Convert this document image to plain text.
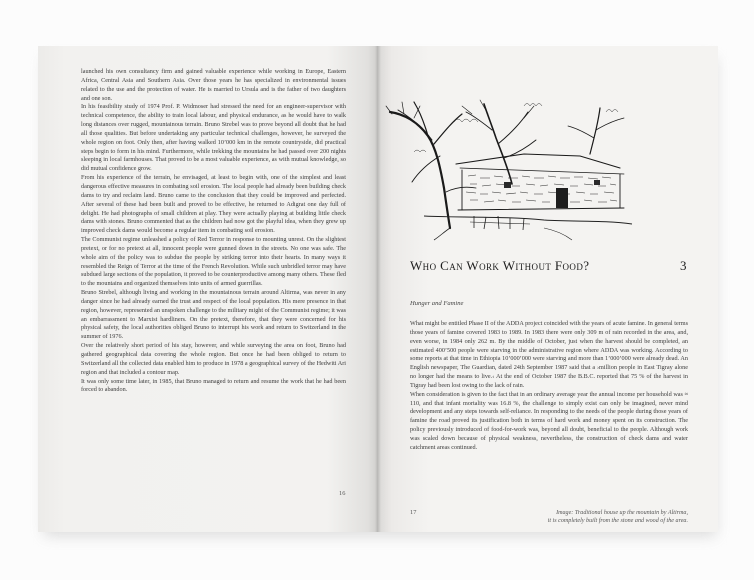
launched his own consultancy firm and gained valuable experience while working in Europe, Eastern Africa, Central Asia and Southern Asia. Over those years he has specialized in environmental issues related to the use and the protection of water. He is married to Ursula and is the father of two daughters and one son.

In his feasibility study of 1974 Prof. P. Widmoser had stressed the need for an engineer-supervisor with technical competence, the ability to train local labour, and physical endurance, as he would have to walk long distances over rugged, mountainous terrain. Bruno Strebel was to prove beyond all doubt that he had all those qualities. But before undertaking any particular technical challenges, however, he surveyed the whole region on foot. Only then, after having walked 10’000 km in the remote countryside, did practical steps begin to form in his mind. Furthermore, while trekking the mountains he had passed over 200 nights sleeping in local farmhouses. That proved to be a most valuable experience, as with mutual knowledge, so did mutual confidence grow.

From his experience of the terrain, he envisaged, at least to begin with, one of the simplest and least dangerous effective measures in combating soil erosion. The local people had already been building check dams to try and reclaim land. Bruno came to the conclusion that they could be improved and perfected. After several of these had been built and proved to be effective, he returned to Adigrat one day full of delight. He had photographs of small children at play. They were actually playing at building little check dams with stones. Bruno commented that as the children had now got the playful idea, when they grew up improved check dams would become a regular item in combating soil erosion.

The Communist regime unleashed a policy of Red Terror in response to mounting unrest. On the slightest pretext, or for no pretext at all, innocent people were gunned down in the streets. No one was safe. The whole aim of the policy was to subdue the people by striking terror into their hearts. In many ways it resembled the Reign of Terror at the time of the French Revolution. While such unbridled terror may have subdued large sections of the population, it proved to be counterproductive among many others. These fled to the mountains and organized themselves into units of armed guerrillas.

Bruno Strebel, although living and working in the mountainous terrain around Altirma, was never in any danger since he had already earned the trust and respect of the local population. His mere presence in that region, however, represented an unspoken challenge to the military might of the Communist regime; it was an embarrassment to Marxist hardliners. On the pretext, therefore, that they were concerned for his physical safety, the local authorities obliged Bruno to interrupt his work and return to Switzerland in the summer of 1976.

Over the relatively short period of his stay, however, and while surveying the area on foot, Bruno had gathered geographical data covering the whole region. But once he had been obliged to return to Switzerland all the collected data enabled him to produce in 1978 a geographical survey of the Hedwiti Ari region and that included a contour map.

It was only some time later, in 1985, that Bruno managed to return and resume the work that he had been forced to abandon.

16
Who Can Work Without Food?	3
Hunger and Famine

What might be entitled Phase II of the ADDA project coincided with the years of acute famine. In general terms those years of famine covered 1983 to 1989. In 1983 there were only 309 m of rain recorded in the area, and, even worse, in 1984 only 262 m. By the middle of October, just when the harvest should be completed, an estimated 400’500 people were starving in the administrative region where ADDA was working. According to some reports at that time in Ethiopia 10’000’000 were starving and more than 1’000’000 were already dead. An English newspaper, The Guardian, dated 24th September 1987 said that a ›million people in East Tigray alone no longer had the means to live.‹ At the end of October 1987 the B.B.C. reported that 75 % of the harvest in Tigray had been lost owing to the lack of rain.

When consideration is given to the fact that in an ordinary average year the annual income per household was ≈ 110, and that infant mortality was 16.8 %, the challenge to simply exist can only be imagined, never mind development and any steps towards self-reliance. In responding to the needs of the people during those years of famine the road proved its justification both in terms of hard work and money spent on its construction. The policy previously introduced of food-for-work was, beyond all doubt, beneficial to the people. Although work was scaled down because of physical weakness, nevertheless, the construction of check dams and water catchment areas continued.

17	Image: Traditional house up the mountain by Altirma,

it is completely built from the stone and wood of the area.
